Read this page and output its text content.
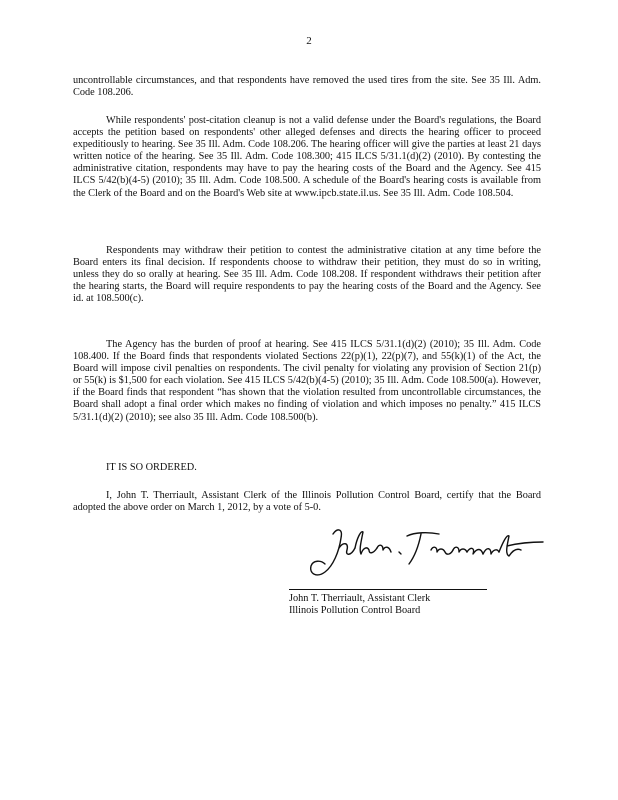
2

uncontrollable circumstances, and that respondents have removed the used tires from the site. See 35 Ill. Adm. Code 108.206.

While respondents' post-citation cleanup is not a valid defense under the Board's regulations, the Board accepts the petition based on respondents' other alleged defenses and directs the hearing officer to proceed expeditiously to hearing. See 35 Ill. Adm. Code 108.206. The hearing officer will give the parties at least 21 days written notice of the hearing. See 35 Ill. Adm. Code 108.300; 415 ILCS 5/31.1(d)(2) (2010). By contesting the administrative citation, respondents may have to pay the hearing costs of the Board and the Agency. See 415 ILCS 5/42(b)(4-5) (2010); 35 Ill. Adm. Code 108.500. A schedule of the Board's hearing costs is available from the Clerk of the Board and on the Board's Web site at www.ipcb.state.il.us. See 35 Ill. Adm. Code 108.504.

Respondents may withdraw their petition to contest the administrative citation at any time before the Board enters its final decision. If respondents choose to withdraw their petition, they must do so in writing, unless they do so orally at hearing. See 35 Ill. Adm. Code 108.208. If respondent withdraws their petition after the hearing starts, the Board will require respondents to pay the hearing costs of the Board and the Agency. See id. at 108.500(c).

The Agency has the burden of proof at hearing. See 415 ILCS 5/31.1(d)(2) (2010); 35 Ill. Adm. Code 108.400. If the Board finds that respondents violated Sections 22(p)(1), 22(p)(7), and 55(k)(1) of the Act, the Board will impose civil penalties on respondents. The civil penalty for violating any provision of Section 21(p) or 55(k) is $1,500 for each violation. See 415 ILCS 5/42(b)(4-5) (2010); 35 Ill. Adm. Code 108.500(a). However, if the Board finds that respondent “has shown that the violation resulted from uncontrollable circumstances, the Board shall adopt a final order which makes no finding of violation and which imposes no penalty.” 415 ILCS 5/31.1(d)(2) (2010); see also 35 Ill. Adm. Code 108.500(b).

IT IS SO ORDERED.

I, John T. Therriault, Assistant Clerk of the Illinois Pollution Control Board, certify that the Board adopted the above order on March 1, 2012, by a vote of 5-0.

John T. Therriault
John T. Therriault, Assistant Clerk
Illinois Pollution Control Board
